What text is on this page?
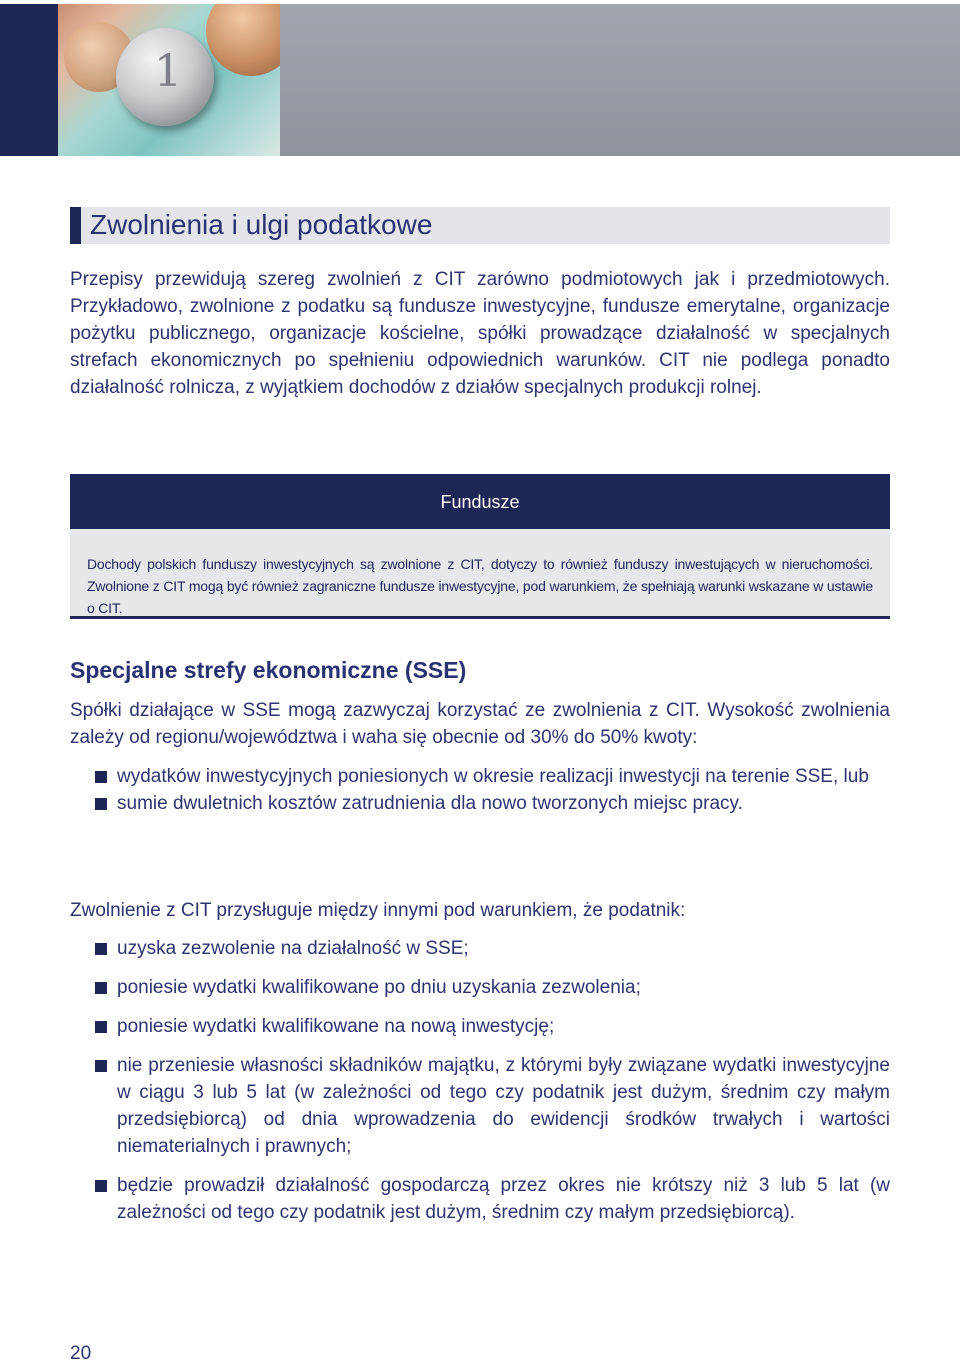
1
Zwolnienia i ulgi podatkowe

Przepisy przewidują szereg zwolnień z CIT zarówno podmiotowych jak i przedmiotowych. Przykładowo, zwolnione z podatku są fundusze inwestycyjne, fundusze emerytalne, organizacje pożytku publicznego, organizacje kościelne, spółki prowadzące działalność w specjalnych strefach ekonomicznych po spełnieniu odpowiednich warunków. CIT nie podlega ponadto działalność rolnicza, z wyjątkiem dochodów z działów specjalnych produkcji rolnej.

Fundusze

Dochody polskich funduszy inwestycyjnych są zwolnione z CIT, dotyczy to również funduszy inwestujących w nieruchomości. Zwolnione z CIT mogą być również zagraniczne fundusze inwestycyjne, pod warunkiem, że spełniają warunki wskazane w ustawie o CIT.

Specjalne strefy ekonomiczne (SSE)

Spółki działające w SSE mogą zazwyczaj korzystać ze zwolnienia z CIT. Wysokość zwolnienia zależy od regionu/województwa i waha się obecnie od 30% do 50% kwoty:

wydatków inwestycyjnych poniesionych w okresie realizacji inwestycji na terenie SSE, lub
sumie dwuletnich kosztów zatrudnienia dla nowo tworzonych miejsc pracy.

Zwolnienie z CIT przysługuje między innymi pod warunkiem, że podatnik:

uzyska zezwolenie na działalność w SSE;
poniesie wydatki kwalifikowane po dniu uzyskania zezwolenia;
poniesie wydatki kwalifikowane na nową inwestycję;
nie przeniesie własności składników majątku, z którymi były związane wydatki inwestycyjne w ciągu 3 lub 5 lat (w zależności od tego czy podatnik jest dużym, średnim czy małym przedsiębiorcą) od dnia wprowadzenia do ewidencji środków trwałych i wartości niematerialnych i prawnych;
będzie prowadził działalność gospodarczą przez okres nie krótszy niż 3 lub 5 lat (w zależności od tego czy podatnik jest dużym, średnim czy małym przedsiębiorcą).
20
